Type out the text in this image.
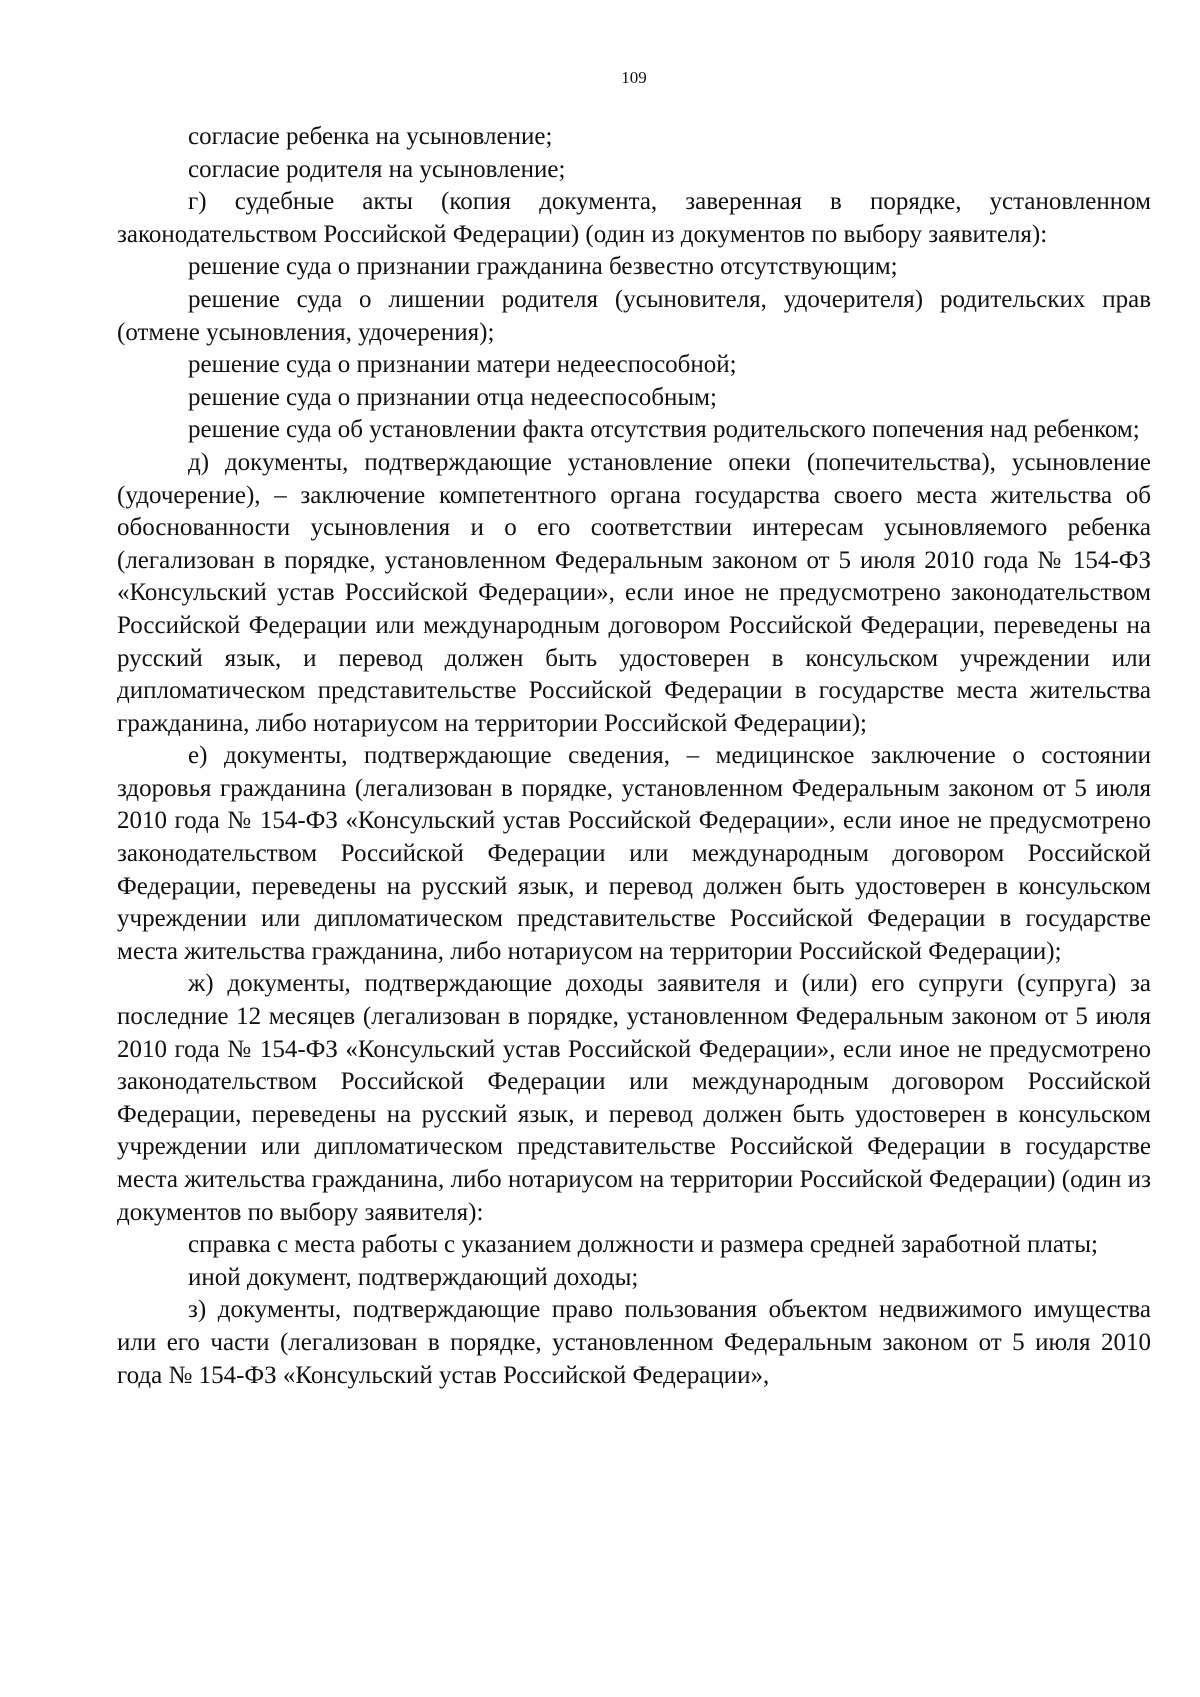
109

согласие ребенка на усыновление;

согласие родителя на усыновление;

г) судебные акты (копия документа, заверенная в порядке, установленном законодательством Российской Федерации) (один из документов по выбору заявителя):

решение суда о признании гражданина безвестно отсутствующим;

решение суда о лишении родителя (усыновителя, удочерителя) родительских прав (отмене усыновления, удочерения);

решение суда о признании матери недееспособной;

решение суда о признании отца недееспособным;

решение суда об установлении факта отсутствия родительского попечения над ребенком;

д) документы, подтверждающие установление опеки (попечительства), усыновление (удочерение), – заключение компетентного органа государства своего места жительства об обоснованности усыновления и о его соответствии интересам усыновляемого ребенка (легализован в порядке, установленном Федеральным законом от 5 июля 2010 года № 154-ФЗ «Консульский устав Российской Федерации», если иное не предусмотрено законодательством Российской Федерации или международным договором Российской Федерации, переведены на русский язык, и перевод должен быть удостоверен в консульском учреждении или дипломатическом представительстве Российской Федерации в государстве места жительства гражданина, либо нотариусом на территории Российской Федерации);

е) документы, подтверждающие сведения, – медицинское заключение о состоянии здоровья гражданина (легализован в порядке, установленном Федеральным законом от 5 июля 2010 года № 154-ФЗ «Консульский устав Российской Федерации», если иное не предусмотрено законодательством Российской Федерации или международным договором Российской Федерации, переведены на русский язык, и перевод должен быть удостоверен в консульском учреждении или дипломатическом представительстве Российской Федерации в государстве места жительства гражданина, либо нотариусом на территории Российской Федерации);

ж) документы, подтверждающие доходы заявителя и (или) его супруги (супруга) за последние 12 месяцев (легализован в порядке, установленном Федеральным законом от 5 июля 2010 года № 154-ФЗ «Консульский устав Российской Федерации», если иное не предусмотрено законодательством Российской Федерации или международным договором Российской Федерации, переведены на русский язык, и перевод должен быть удостоверен в консульском учреждении или дипломатическом представительстве Российской Федерации в государстве места жительства гражданина, либо нотариусом на территории Российской Федерации) (один из документов по выбору заявителя):

справка с места работы с указанием должности и размера средней заработной платы;

иной документ, подтверждающий доходы;

з) документы, подтверждающие право пользования объектом недвижимого имущества или его части (легализован в порядке, установленном Федеральным законом от 5 июля 2010 года № 154-ФЗ «Консульский устав Российской Федерации»,
